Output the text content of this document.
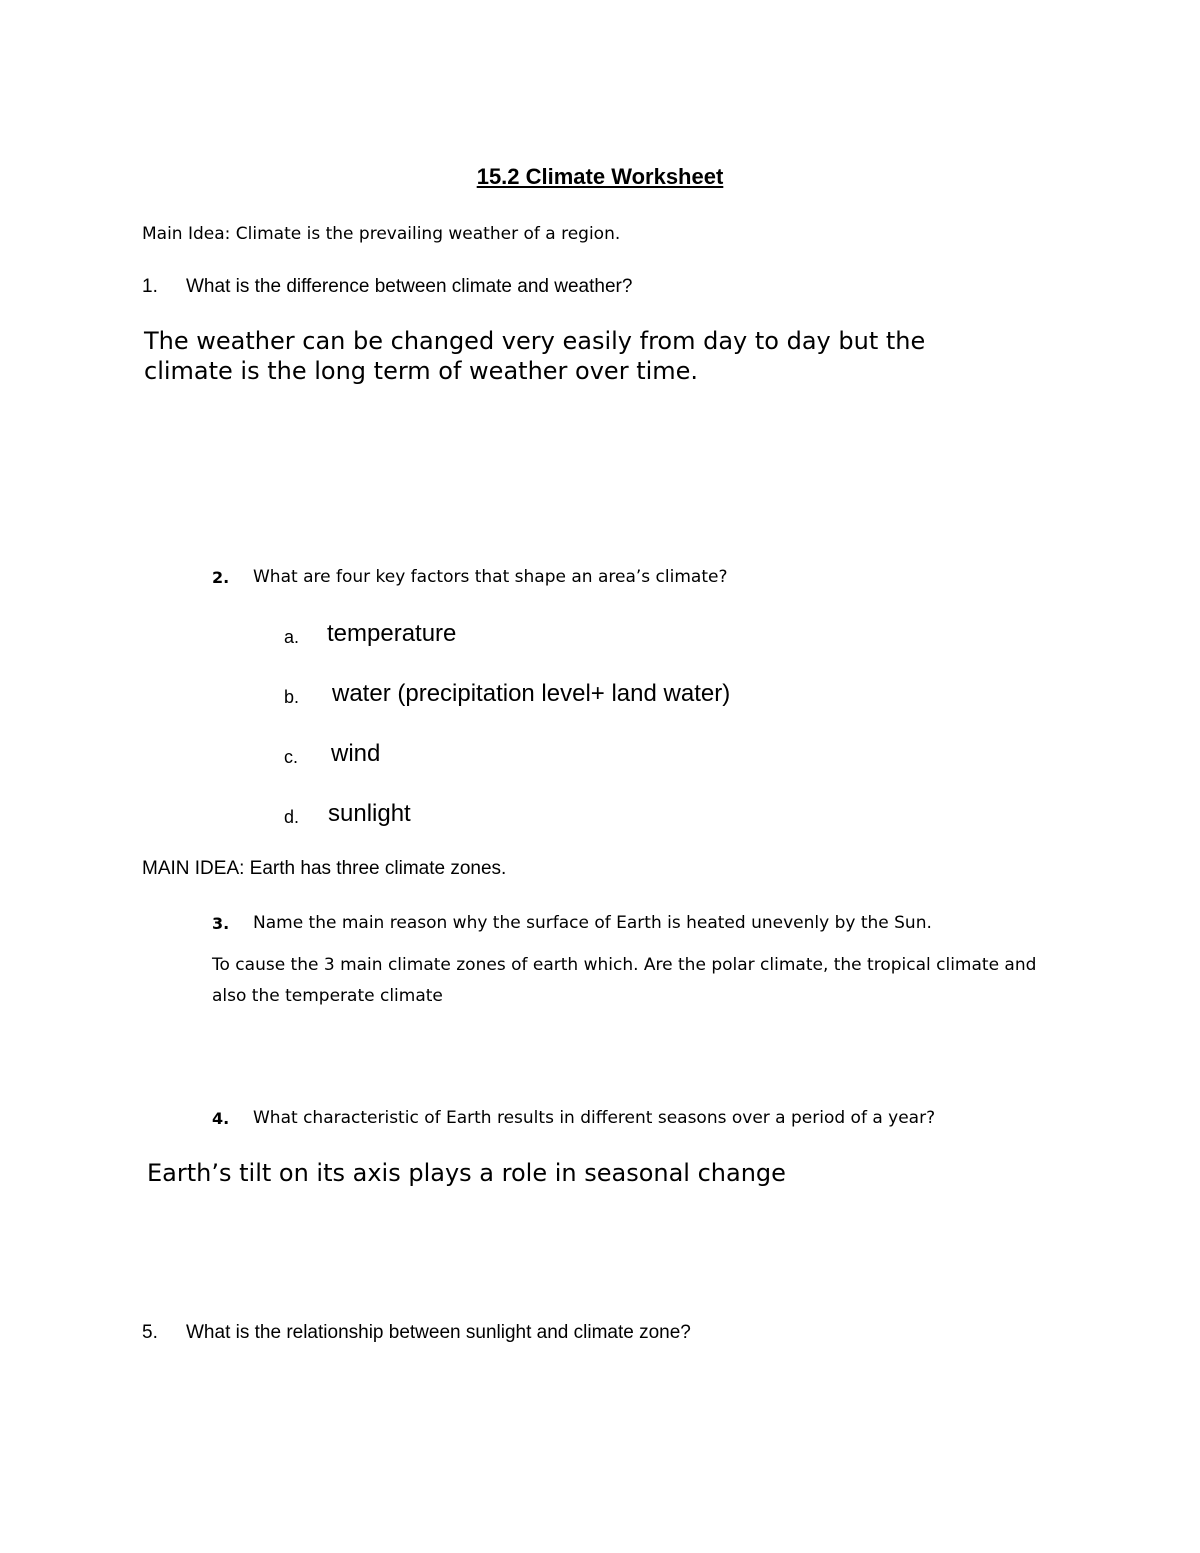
15.2 Climate Worksheet

Main Idea: Climate is the prevailing weather of a region.

1. What is the difference between climate and weather?
The weather can be changed very easily from day to day but the
climate is the long term of weather over time.
2. What are four key factors that shape an area’s climate?
a. temperature
b. water (precipitation level+ land water)
c. wind
d. sunlight

MAIN IDEA: Earth has three climate zones.

3. Name the main reason why the surface of Earth is heated unevenly by the Sun.
To cause the 3 main climate zones of earth which. Are the polar climate, the tropical climate and
also the temperate climate
4. What characteristic of Earth results in different seasons over a period of a year?
Earth’s tilt on its axis plays a role in seasonal change
5. What is the relationship between sunlight and climate zone?
